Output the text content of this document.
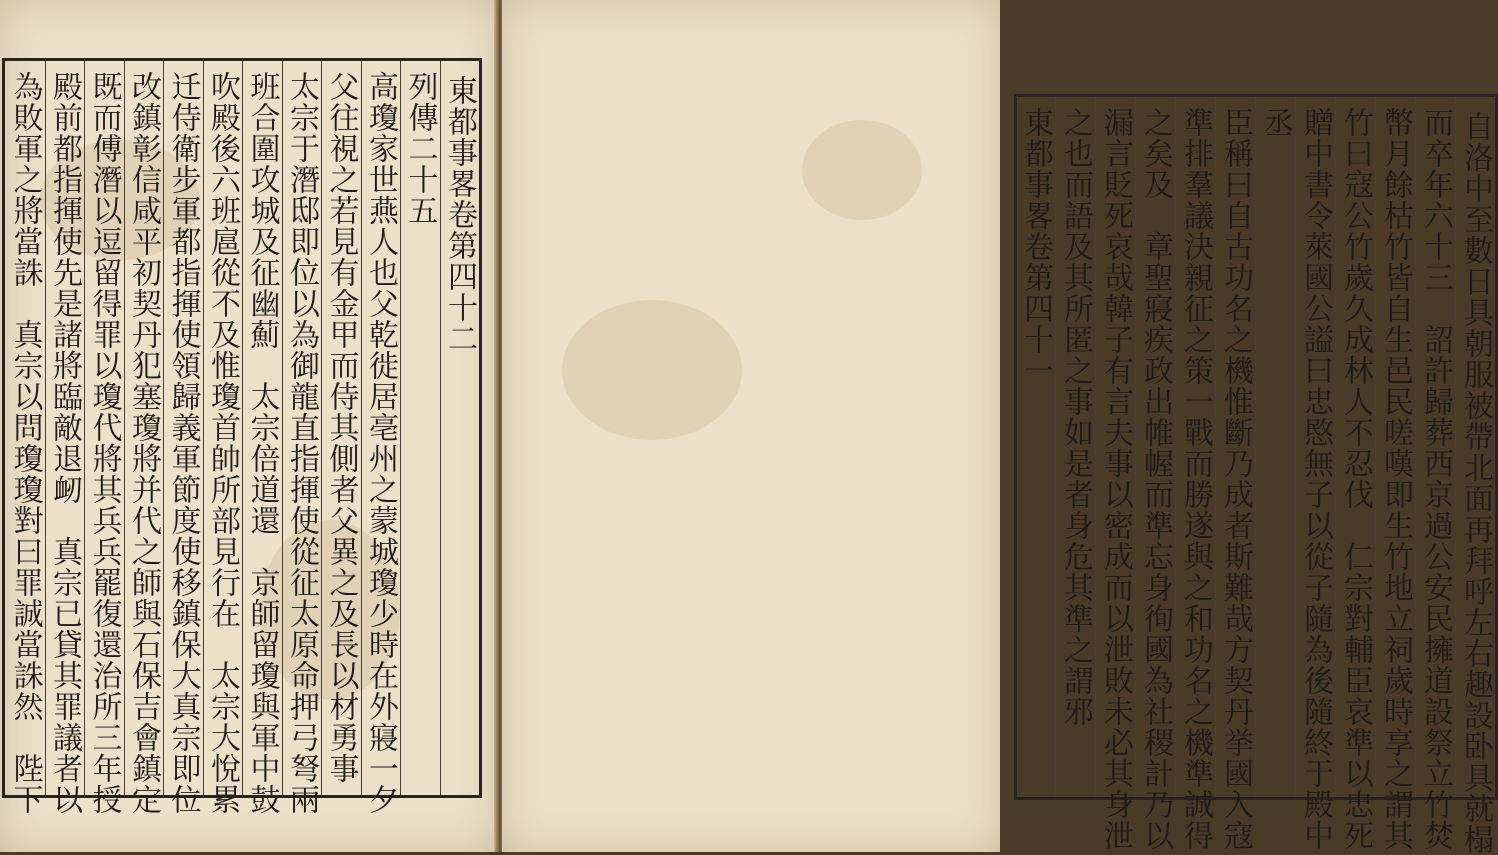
東都事畧卷第四十二
列傳二十五
高瓊家世燕人也父乾徙居亳州之蒙城瓊少時在外寢一夕
父往視之若見有金甲而侍其側者父異之及長以材勇事
太宗于潛邸即位以為御龍直指揮使從征太原命押弓弩兩
班合圍攻城及征幽薊　太宗倍道還　京師留瓊與軍中鼓
吹殿後六班扈從不及惟瓊首帥所部見行在　太宗大悅累
迁侍衛步軍都指揮使領歸義軍節度使移鎮保大真宗即位
改鎮彰信咸平初契丹犯塞瓊將并代之師與石保吉會鎮定
既而傅潛以逗留得罪以瓊代將其兵兵罷復還治所三年授
殿前都指揮使先是諸將臨敵退衂　真宗已貸其罪議者以
為敗軍之將當誅　真宗以問瓊瓊對曰罪誠當誅然　陛下	自洛中至數日具朝服被帶北面再拜呼左右趣設卧具就榻
而卒年六十三　詔許歸葬西京過公安民擁道設祭立竹焚
幣月餘枯竹皆自生邑民嗟嘆即生竹地立祠歲時享之謂其
竹曰寇公竹歲久成林人不忍伐　仁宗對輔臣哀準以忠死
贈中書令萊國公謚曰忠愍無子以從子隨為後隨終于殿中
丞
臣稱曰自古功名之機惟斷乃成者斯難哉方契丹挙國入寇
準排羣議決親征之策一戰而勝遂與之和功名之機準誠得
之矣及　章聖寢疾政出帷幄而準忘身徇國為社稷計乃以
漏言貶死哀哉韓子有言夫事以密成而以泄敗未必其身泄
之也而語及其所匿之事如是者身危其準之謂邪
東都事畧卷第四十一
